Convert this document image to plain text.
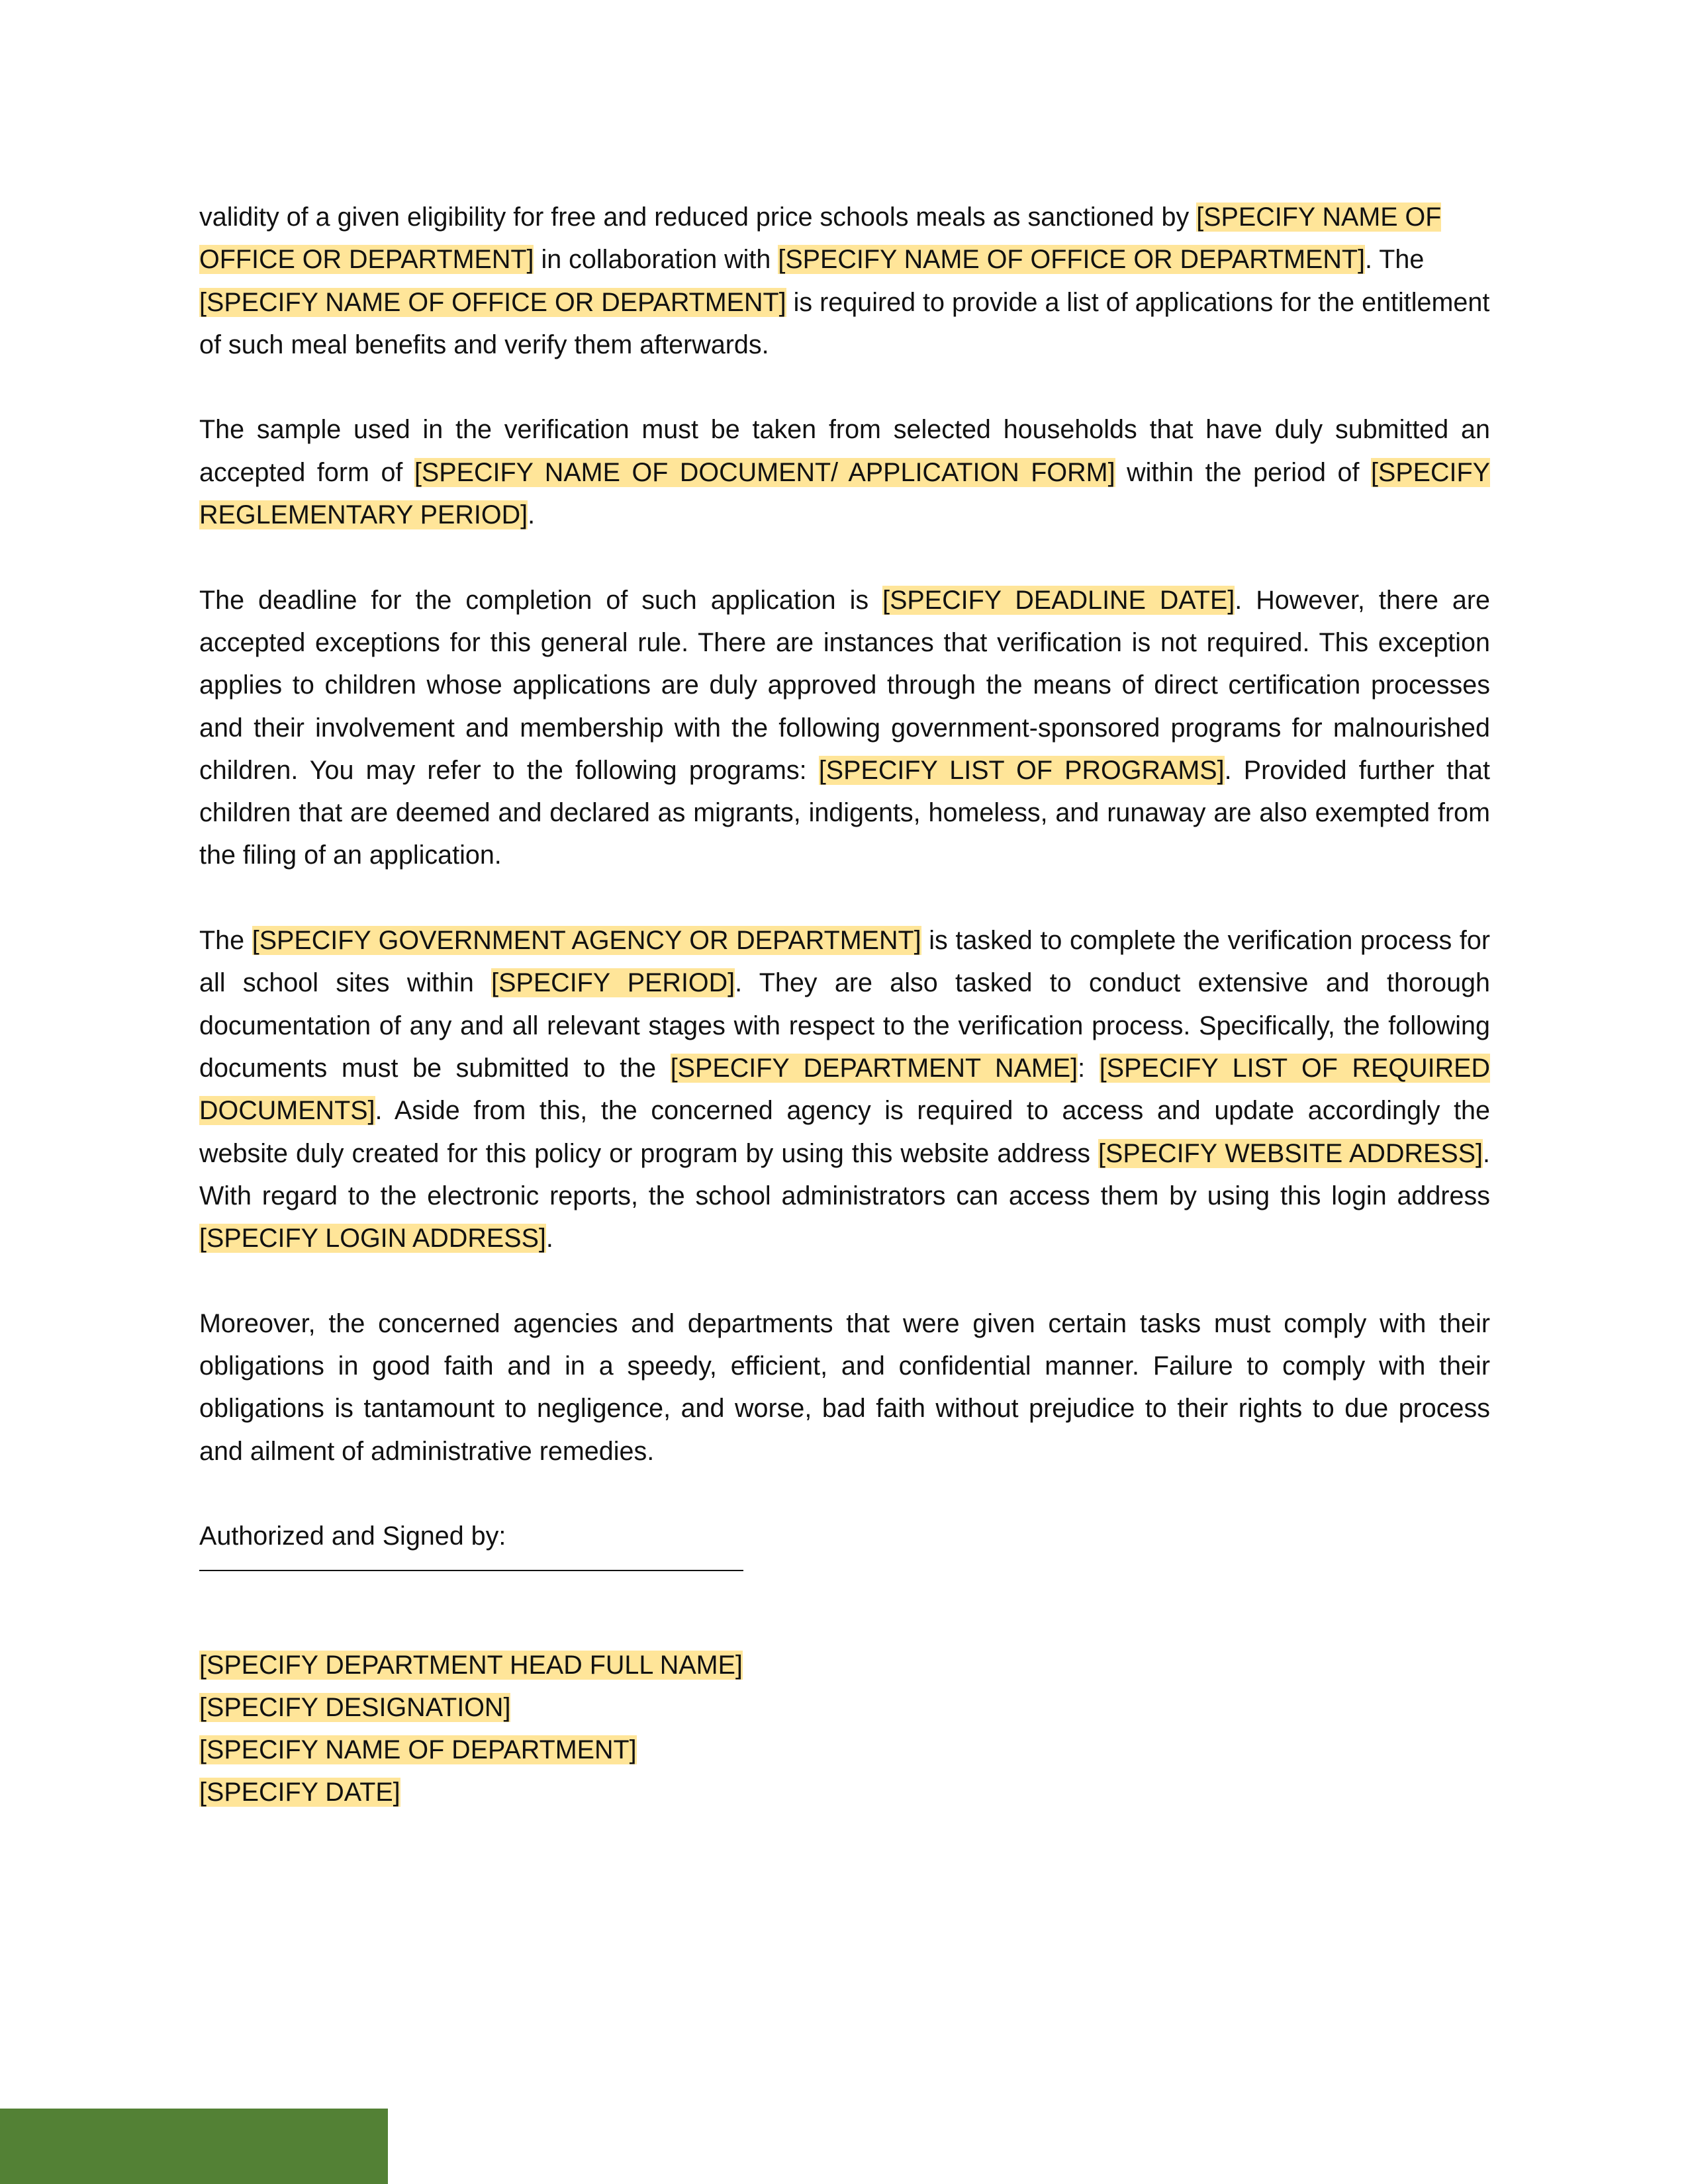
validity of a given eligibility for free and reduced price schools meals as sanctioned by [SPECIFY NAME OF OFFICE OR DEPARTMENT] in collaboration with [SPECIFY NAME OF OFFICE OR DEPARTMENT]. The [SPECIFY NAME OF OFFICE OR DEPARTMENT] is required to provide a list of applications for the entitlement of such meal benefits and verify them afterwards.

The sample used in the verification must be taken from selected households that have duly submitted an accepted form of [SPECIFY NAME OF DOCUMENT/ APPLICATION FORM] within the period of [SPECIFY REGLEMENTARY PERIOD].

The deadline for the completion of such application is [SPECIFY DEADLINE DATE]. However, there are accepted exceptions for this general rule. There are instances that verification is not required. This exception applies to children whose applications are duly approved through the means of direct certification processes and their involvement and membership with the following government-sponsored programs for malnourished children. You may refer to the following programs: [SPECIFY LIST OF PROGRAMS]. Provided further that children that are deemed and declared as migrants, indigents, homeless, and runaway are also exempted from the filing of an application.

The [SPECIFY GOVERNMENT AGENCY OR DEPARTMENT] is tasked to complete the verification process for all school sites within [SPECIFY PERIOD]. They are also tasked to conduct extensive and thorough documentation of any and all relevant stages with respect to the verification process. Specifically, the following documents must be submitted to the [SPECIFY DEPARTMENT NAME]: [SPECIFY LIST OF REQUIRED DOCUMENTS]. Aside from this, the concerned agency is required to access and update accordingly the website duly created for this policy or program by using this website address [SPECIFY WEBSITE ADDRESS]. With regard to the electronic reports, the school administrators can access them by using this login address [SPECIFY LOGIN ADDRESS].

Moreover, the concerned agencies and departments that were given certain tasks must comply with their obligations in good faith and in a speedy, efficient, and confidential manner. Failure to comply with their obligations is tantamount to negligence, and worse, bad faith without prejudice to their rights to due process and ailment of administrative remedies.

Authorized and Signed by:

[SPECIFY DEPARTMENT HEAD FULL NAME]

[SPECIFY DESIGNATION]

[SPECIFY NAME OF DEPARTMENT]

[SPECIFY DATE]
